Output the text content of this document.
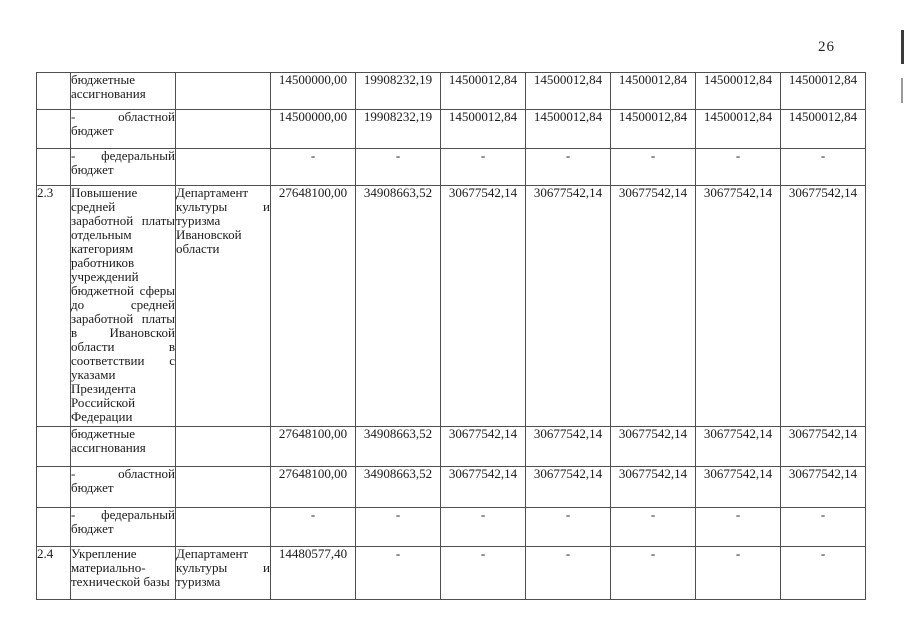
26
	бюджетные ассигнования		14500000,00	19908232,19	14500012,84	14500012,84	14500012,84	14500012,84	14500012,84
	- областной бюджет		14500000,00	19908232,19	14500012,84	14500012,84	14500012,84	14500012,84	14500012,84
	- федеральный бюджет		-	-	-	-	-	-	-
2.3	Повышение средней заработной платы отдельным категориям работников учреждений бюджетной сферы до средней заработной платы в Ивановской области в соответствии с указами Президента Российской Федерации	Департамент культуры и туризма Ивановской области	27648100,00	34908663,52	30677542,14	30677542,14	30677542,14	30677542,14	30677542,14
	бюджетные ассигнования		27648100,00	34908663,52	30677542,14	30677542,14	30677542,14	30677542,14	30677542,14
	- областной бюджет		27648100,00	34908663,52	30677542,14	30677542,14	30677542,14	30677542,14	30677542,14
	- федеральный бюджет		-	-	-	-	-	-	-
2.4	Укрепление материально-технической базы	Департамент культуры и туризма	14480577,40	-	-	-	-	-	-
